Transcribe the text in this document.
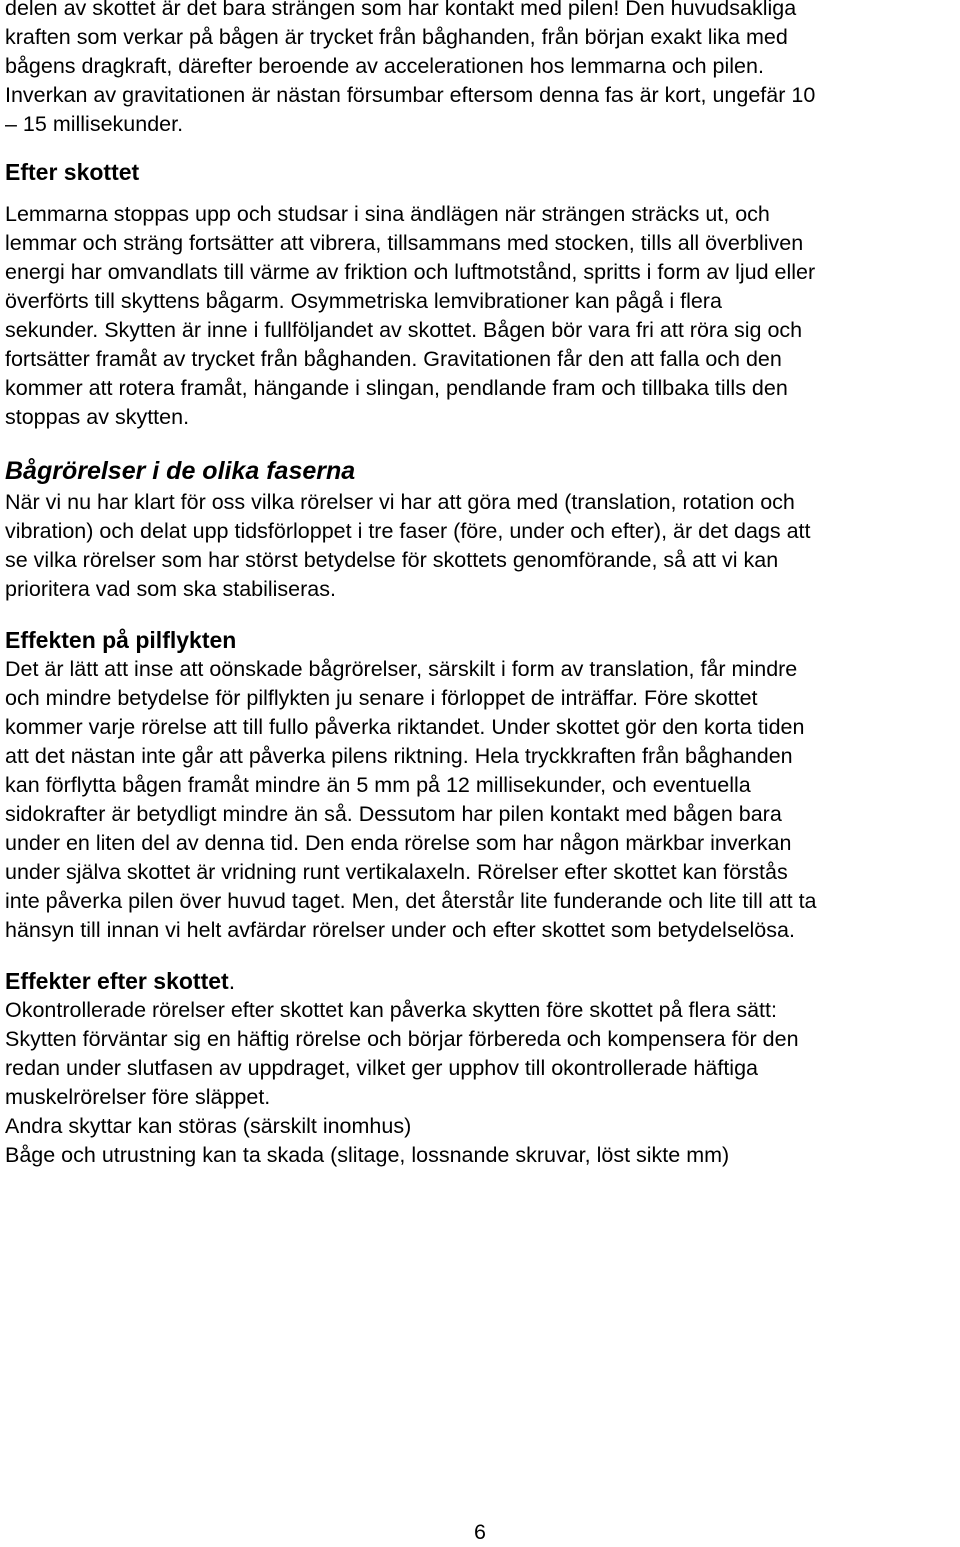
delen av skottet är det bara strängen som har kontakt med pilen! Den huvudsakliga
kraften som verkar på bågen är trycket från båghanden, från början exakt lika med
bågens dragkraft, därefter beroende av accelerationen hos lemmarna och pilen.
Inverkan av gravitationen är nästan försumbar eftersom denna fas är kort, ungefär 10
– 15 millisekunder.
Efter skottet
Lemmarna stoppas upp och studsar i sina ändlägen när strängen sträcks ut, och
lemmar och sträng fortsätter att vibrera, tillsammans med stocken, tills all överbliven
energi har omvandlats till värme av friktion och luftmotstånd, spritts i form av ljud eller
överförts till skyttens bågarm. Osymmetriska lemvibrationer kan pågå i flera
sekunder. Skytten är inne i fullföljandet av skottet. Bågen bör vara fri att röra sig och
fortsätter framåt av trycket från båghanden. Gravitationen får den att falla och den
kommer att rotera framåt, hängande i slingan, pendlande fram och tillbaka tills den
stoppas av skytten.
Bågrörelser i de olika faserna
När vi nu har klart för oss vilka rörelser vi har att göra med (translation, rotation och
vibration) och delat upp tidsförloppet i tre faser (före, under och efter), är det dags att
se vilka rörelser som har störst betydelse för skottets genomförande, så att vi kan
prioritera vad som ska stabiliseras.
Effekten på pilflykten
Det är lätt att inse att oönskade bågrörelser, särskilt i form av translation, får mindre
och mindre betydelse för pilflykten ju senare i förloppet de inträffar. Före skottet
kommer varje rörelse att till fullo påverka riktandet. Under skottet gör den korta tiden
att det nästan inte går att påverka pilens riktning. Hela tryckkraften från båghanden
kan förflytta bågen framåt mindre än 5 mm på 12 millisekunder, och eventuella
sidokrafter är betydligt mindre än så. Dessutom har pilen kontakt med bågen bara
under en liten del av denna tid. Den enda rörelse som har någon märkbar inverkan
under själva skottet är vridning runt vertikalaxeln. Rörelser efter skottet kan förstås
inte påverka pilen över huvud taget. Men, det återstår lite funderande och lite till att ta
hänsyn till innan vi helt avfärdar rörelser under och efter skottet som betydelselösa.
Effekter efter skottet.
Okontrollerade rörelser efter skottet kan påverka skytten före skottet på flera sätt:
Skytten förväntar sig en häftig rörelse och börjar förbereda och kompensera för den
redan under slutfasen av uppdraget, vilket ger upphov till okontrollerade häftiga
muskelrörelser före släppet.
Andra skyttar kan störas (särskilt inomhus)
Båge och utrustning kan ta skada (slitage, lossnande skruvar, löst sikte mm)
6
